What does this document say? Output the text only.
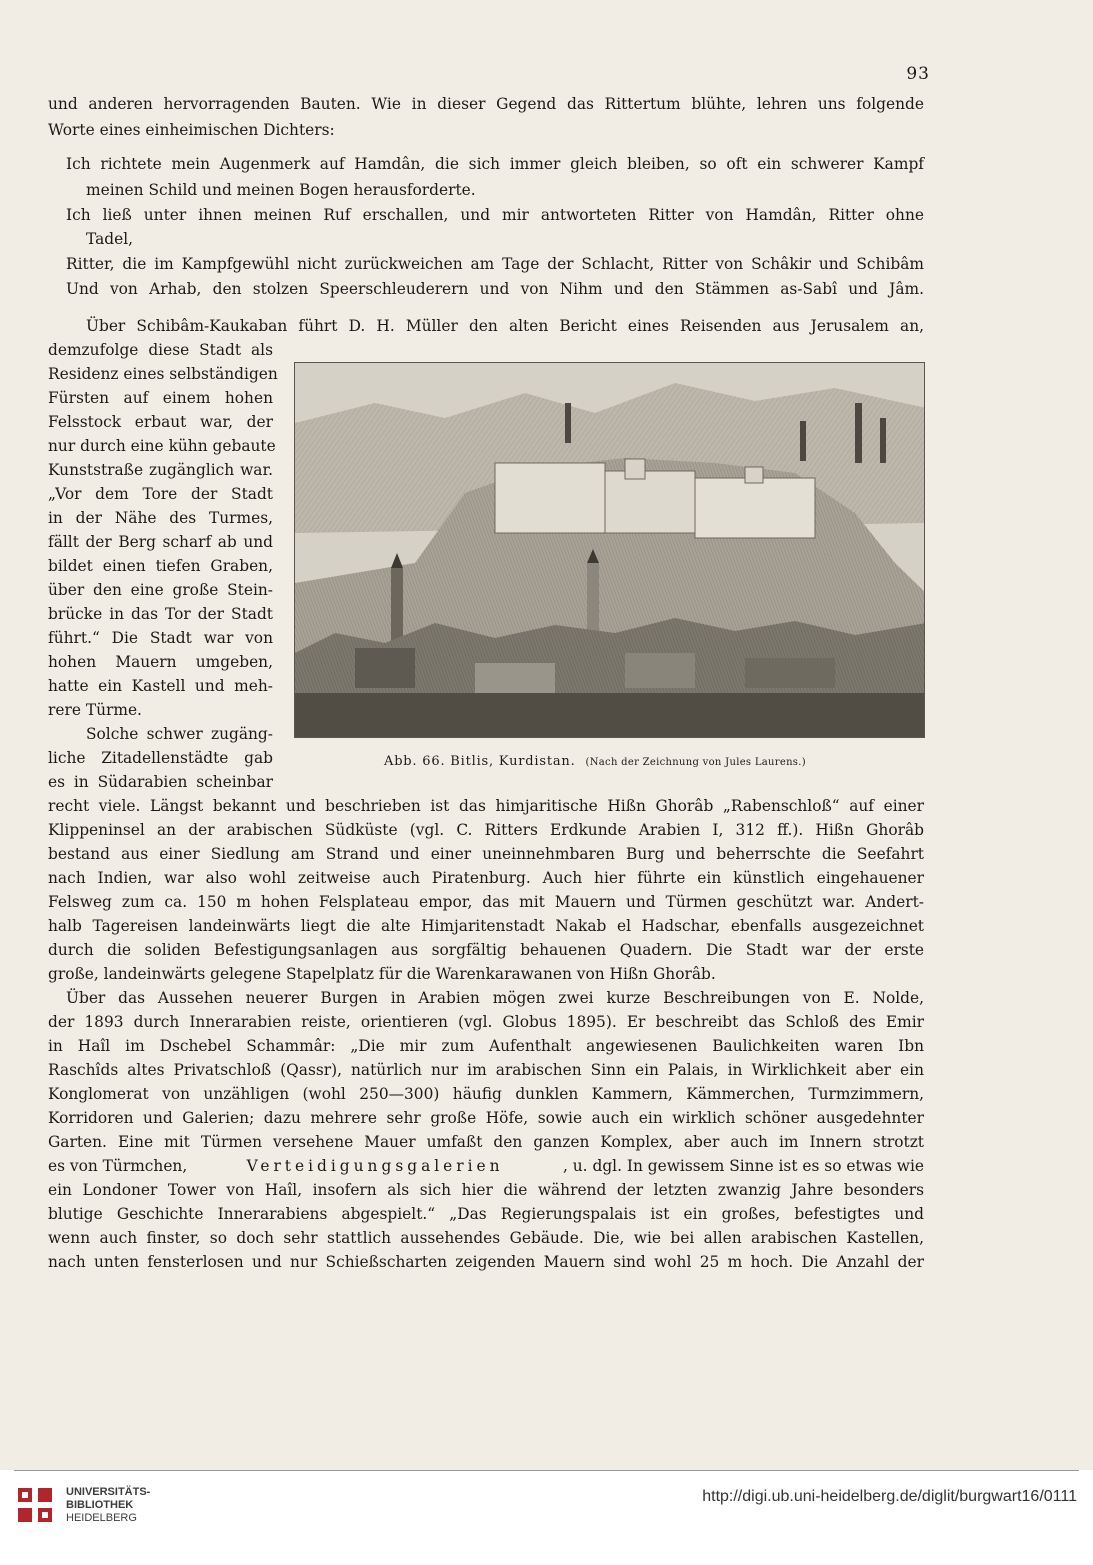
93
und anderen hervorragenden Bauten. Wie in dieser Gegend das Rittertum blühte, lehren uns folgende
Worte eines einheimischen Dichters:
Ich richtete mein Augenmerk auf Hamdân, die sich immer gleich bleiben, so oft ein schwerer Kampf
meinen Schild und meinen Bogen herausforderte.
Ich ließ unter ihnen meinen Ruf erschallen, und mir antworteten Ritter von Hamdân, Ritter ohne
Tadel,
Ritter, die im Kampfgewühl nicht zurückweichen am Tage der Schlacht, Ritter von Schâkir und Schibâm
Und von Arhab, den stolzen Speerschleuderern und von Nihm und den Stämmen as-Sabî und Jâm.
Über Schibâm-Kaukaban führt D. H. Müller den alten Bericht eines Reisenden aus Jerusalem an,
demzufolge diese Stadt als
Residenz eines selbständigen
Fürsten auf einem hohen
Felsstock erbaut war, der
nur durch eine kühn gebaute
Kunststraße zugänglich war.
„Vor dem Tore der Stadt
in der Nähe des Turmes,
fällt der Berg scharf ab und
bildet einen tiefen Graben,
über den eine große Stein-
brücke in das Tor der Stadt
führt.“ Die Stadt war von
hohen Mauern umgeben,
hatte ein Kastell und meh-
rere Türme.
Solche schwer zugäng-
liche Zitadellenstädte gab
es in Südarabien scheinbar
Abb. 66. Bitlis, Kurdistan. (Nach der Zeichnung von Jules Laurens.)
recht viele. Längst bekannt und beschrieben ist das himjaritische Hißn Ghorâb „Rabenschloß“ auf einer
Klippeninsel an der arabischen Südküste (vgl. C. Ritters Erdkunde Arabien I, 312 ff.). Hißn Ghorâb
bestand aus einer Siedlung am Strand und einer uneinnehmbaren Burg und beherrschte die Seefahrt
nach Indien, war also wohl zeitweise auch Piratenburg. Auch hier führte ein künstlich eingehauener
Felsweg zum ca. 150 m hohen Felsplateau empor, das mit Mauern und Türmen geschützt war. Andert-
halb Tagereisen landeinwärts liegt die alte Himjaritenstadt Nakab el Hadschar, ebenfalls ausgezeichnet
durch die soliden Befestigungsanlagen aus sorgfältig behauenen Quadern. Die Stadt war der erste
große, landeinwärts gelegene Stapelplatz für die Warenkarawanen von Hißn Ghorâb.
Über das Aussehen neuerer Burgen in Arabien mögen zwei kurze Beschreibungen von E. Nolde,
der 1893 durch Innerarabien reiste, orientieren (vgl. Globus 1895). Er beschreibt das Schloß des Emir
in Haîl im Dschebel Schammâr: „Die mir zum Aufenthalt angewiesenen Baulichkeiten waren Ibn
Raschîds altes Privatschloß (Qassr), natürlich nur im arabischen Sinn ein Palais, in Wirklichkeit aber ein
Konglomerat von unzähligen (wohl 250—300) häufig dunklen Kammern, Kämmerchen, Turmzimmern,
Korridoren und Galerien; dazu mehrere sehr große Höfe, sowie auch ein wirklich schöner ausgedehnter
Garten. Eine mit Türmen versehene Mauer umfaßt den ganzen Komplex, aber auch im Innern strotzt
es von Türmchen,	Verteidigungsgalerien	, u. dgl. In gewissem Sinne ist es so etwas wie
ein Londoner Tower von Haîl, insofern als sich hier die während der letzten zwanzig Jahre besonders
blutige Geschichte Innerarabiens abgespielt.“ „Das Regierungspalais ist ein großes, befestigtes und
wenn auch finster, so doch sehr stattlich aussehendes Gebäude. Die, wie bei allen arabischen Kastellen,
nach unten fensterlosen und nur Schießscharten zeigenden Mauern sind wohl 25 m hoch. Die Anzahl der
UNIVERSITÄTS-
BIBLIOTHEK
HEIDELBERG
http://digi.ub.uni-heidelberg.de/diglit/burgwart16/0111
